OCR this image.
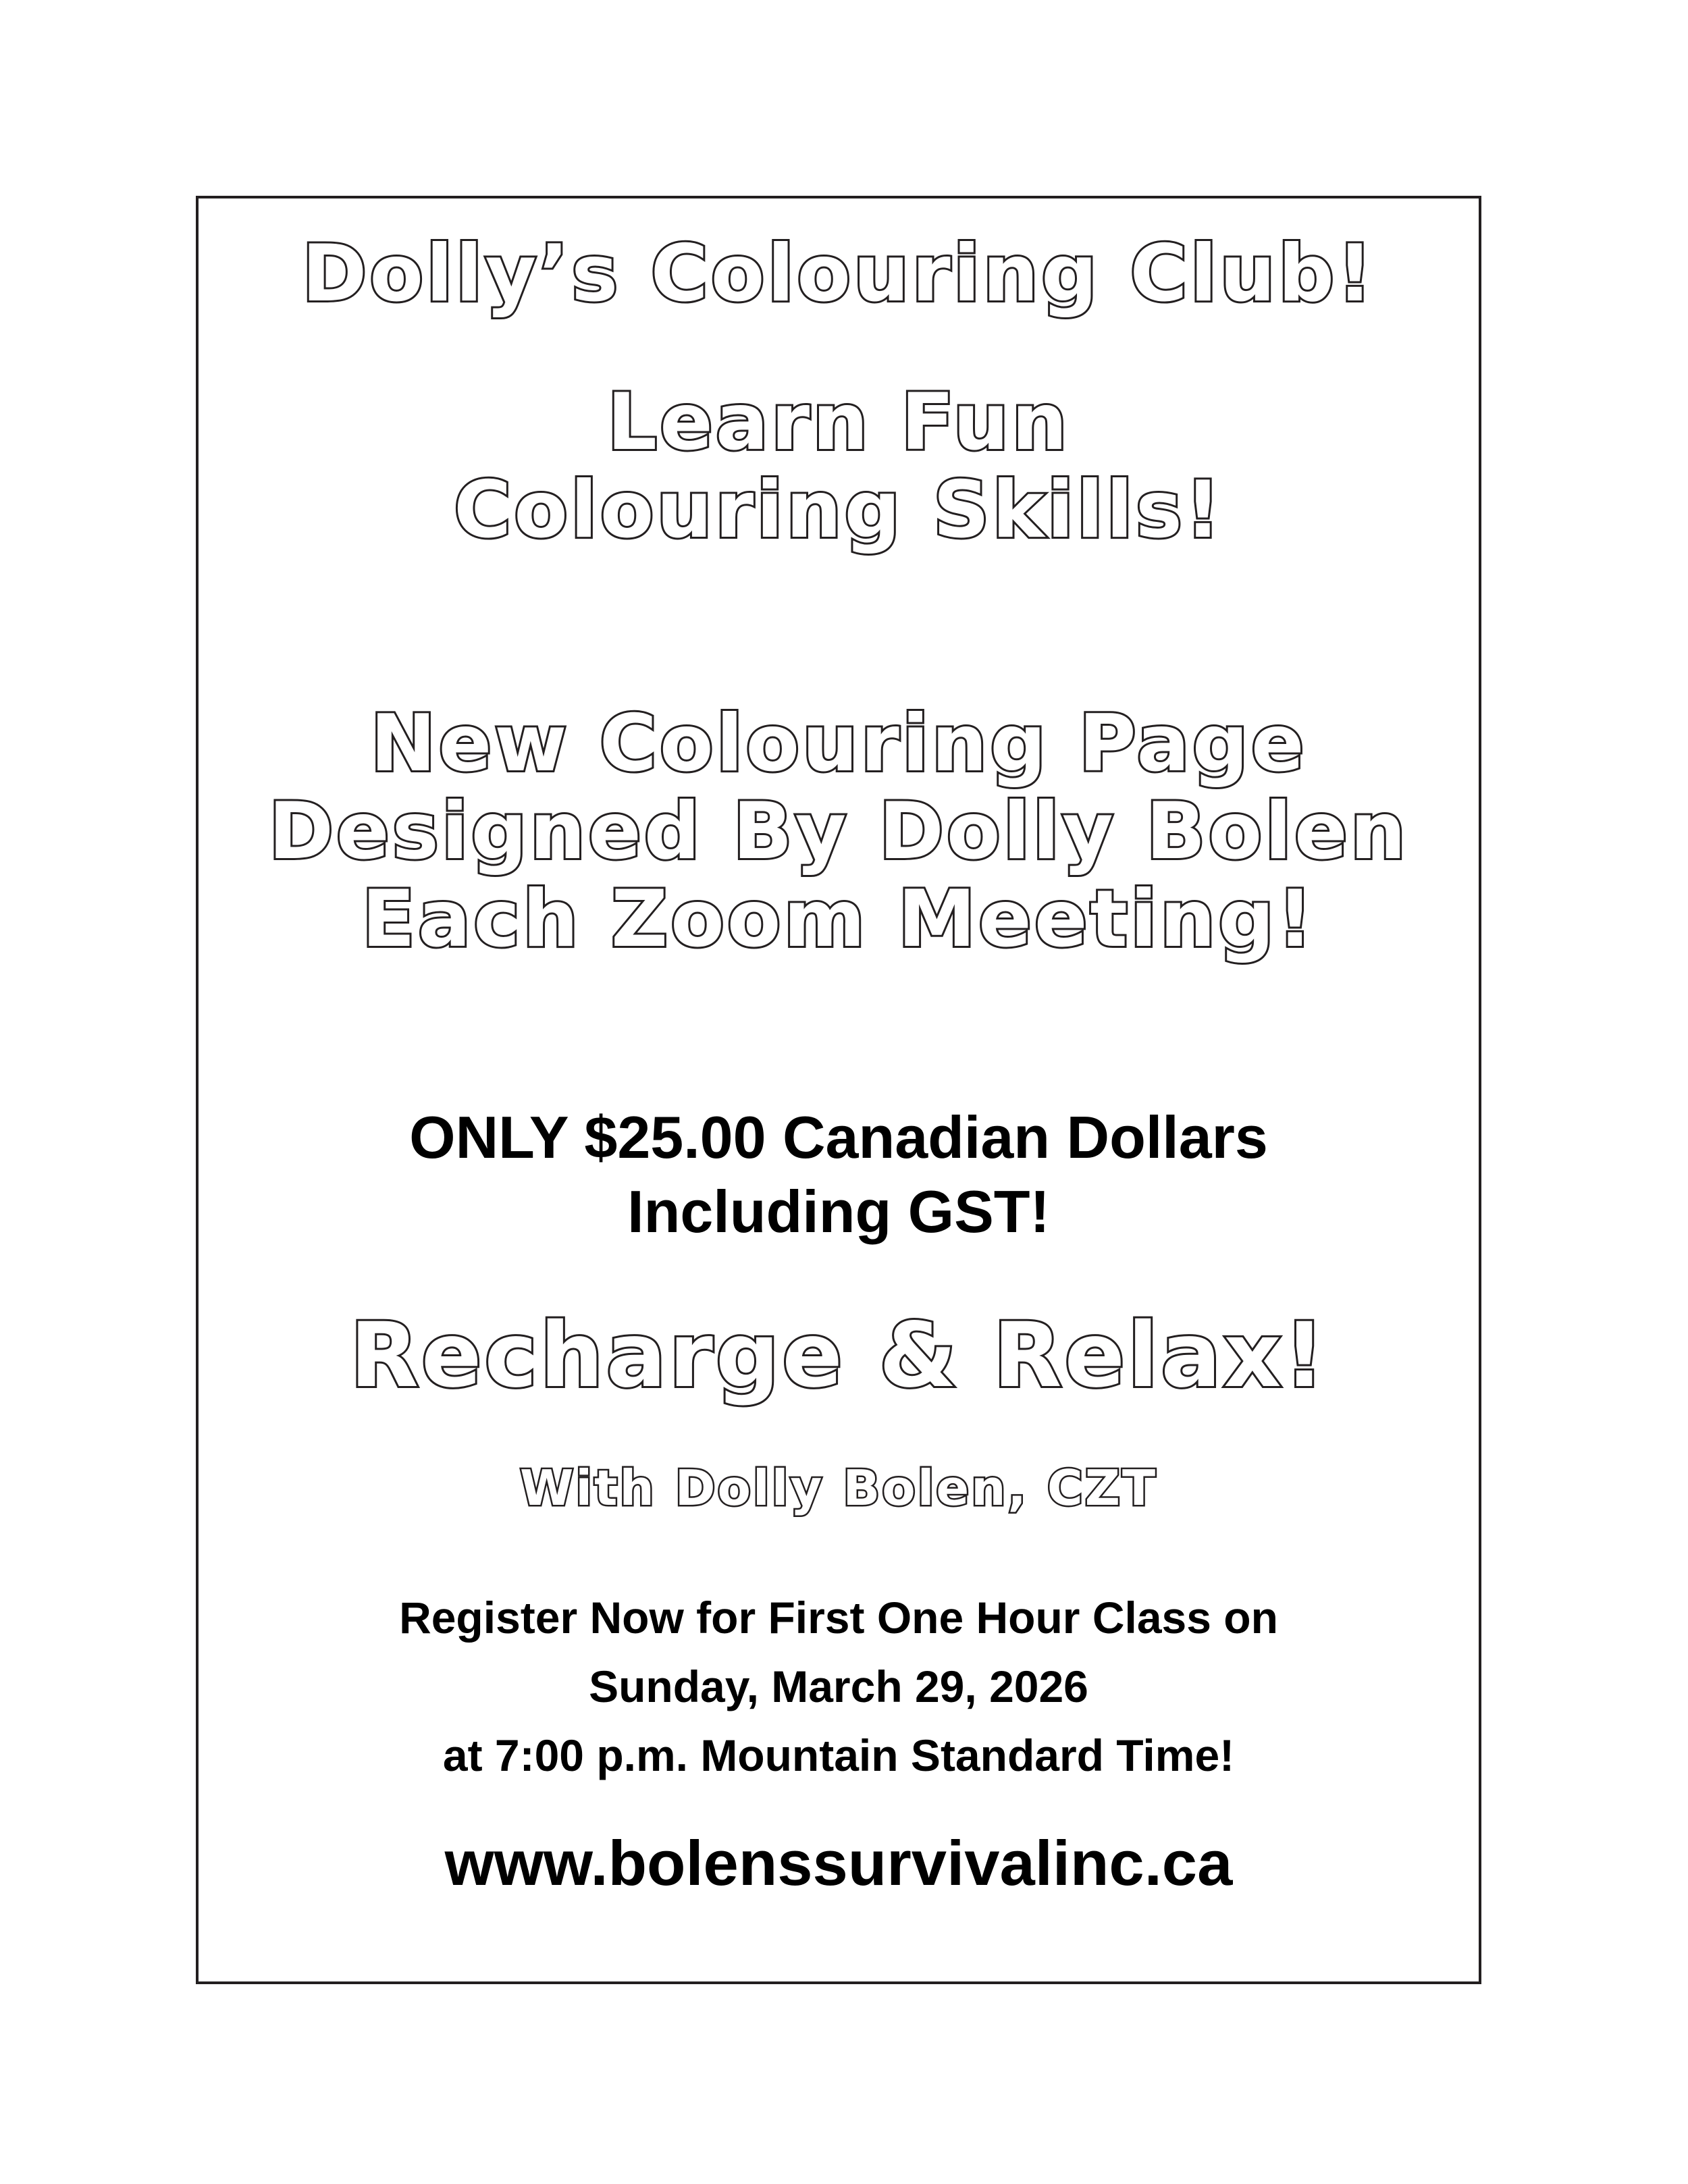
Dolly’s Colouring Club!
Learn Fun
Colouring Skills!
New Colouring Page
Designed By Dolly Bolen
Each Zoom Meeting!
ONLY $25.00 Canadian Dollars
Including GST!
Recharge & Relax!
With Dolly Bolen, CZT
Register Now for First One Hour Class on
Sunday, March 29, 2026
at 7:00 p.m. Mountain Standard Time!
www.bolenssurvivalinc.ca
